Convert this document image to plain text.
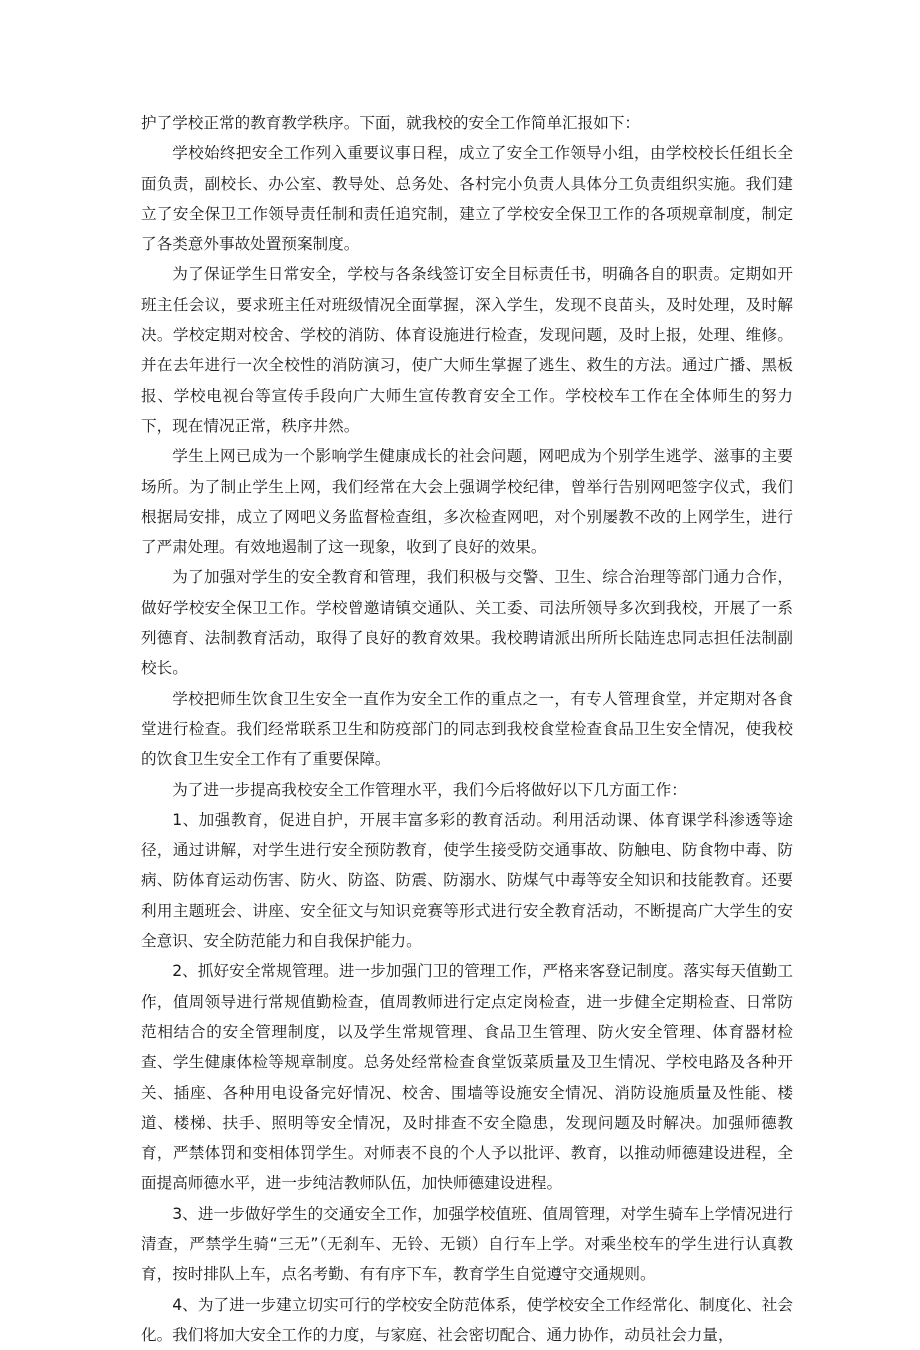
护了学校正常的教育教学秩序。下面，就我校的安全工作简单汇报如下：

学校始终把安全工作列入重要议事日程，成立了安全工作领导小组，由学校校长任组长全面负责，副校长、办公室、教导处、总务处、各村完小负责人具体分工负责组织实施。我们建立了安全保卫工作领导责任制和责任追究制，建立了学校安全保卫工作的各项规章制度，制定了各类意外事故处置预案制度。

为了保证学生日常安全，学校与各条线签订安全目标责任书，明确各自的职责。定期如开班主任会议，要求班主任对班级情况全面掌握，深入学生，发现不良苗头，及时处理，及时解决。学校定期对校舍、学校的消防、体育设施进行检查，发现问题，及时上报，处理、维修。并在去年进行一次全校性的消防演习，使广大师生掌握了逃生、救生的方法。通过广播、黑板报、学校电视台等宣传手段向广大师生宣传教育安全工作。学校校车工作在全体师生的努力下，现在情况正常，秩序井然。

学生上网已成为一个影响学生健康成长的社会问题，网吧成为个别学生逃学、滋事的主要场所。为了制止学生上网，我们经常在大会上强调学校纪律，曾举行告别网吧签字仪式，我们根据局安排，成立了网吧义务监督检查组，多次检查网吧，对个别屡教不改的上网学生，进行了严肃处理。有效地遏制了这一现象，收到了良好的效果。

为了加强对学生的安全教育和管理，我们积极与交警、卫生、综合治理等部门通力合作，做好学校安全保卫工作。学校曾邀请镇交通队、关工委、司法所领导多次到我校，开展了一系列德育、法制教育活动，取得了良好的教育效果。我校聘请派出所所长陆连忠同志担任法制副校长。

学校把师生饮食卫生安全一直作为安全工作的重点之一，有专人管理食堂，并定期对各食堂进行检查。我们经常联系卫生和防疫部门的同志到我校食堂检查食品卫生安全情况，使我校的饮食卫生安全工作有了重要保障。

为了进一步提高我校安全工作管理水平，我们今后将做好以下几方面工作：

1、加强教育，促进自护，开展丰富多彩的教育活动。利用活动课、体育课学科渗透等途径，通过讲解，对学生进行安全预防教育，使学生接受防交通事故、防触电、防食物中毒、防病、防体育运动伤害、防火、防盗、防震、防溺水、防煤气中毒等安全知识和技能教育。还要利用主题班会、讲座、安全征文与知识竞赛等形式进行安全教育活动，不断提高广大学生的安全意识、安全防范能力和自我保护能力。

2、抓好安全常规管理。进一步加强门卫的管理工作，严格来客登记制度。落实每天值勤工作，值周领导进行常规值勤检查，值周教师进行定点定岗检查，进一步健全定期检查、日常防范相结合的安全管理制度，以及学生常规管理、食品卫生管理、防火安全管理、体育器材检查、学生健康体检等规章制度。总务处经常检查食堂饭菜质量及卫生情况、学校电路及各种开关、插座、各种用电设备完好情况、校舍、围墙等设施安全情况、消防设施质量及性能、楼道、楼梯、扶手、照明等安全情况，及时排查不安全隐患，发现问题及时解决。加强师德教育，严禁体罚和变相体罚学生。对师表不良的个人予以批评、教育，以推动师德建设进程，全面提高师德水平，进一步纯洁教师队伍，加快师德建设进程。

3、进一步做好学生的交通安全工作，加强学校值班、值周管理，对学生骑车上学情况进行清查，严禁学生骑“三无”（无刹车、无铃、无锁）自行车上学。对乘坐校车的学生进行认真教育，按时排队上车，点名考勤、有有序下车，教育学生自觉遵守交通规则。

4、为了进一步建立切实可行的学校安全防范体系，使学校安全工作经常化、制度化、社会化。我们将加大安全工作的力度，与家庭、社会密切配合、通力协作，动员社会力量，
